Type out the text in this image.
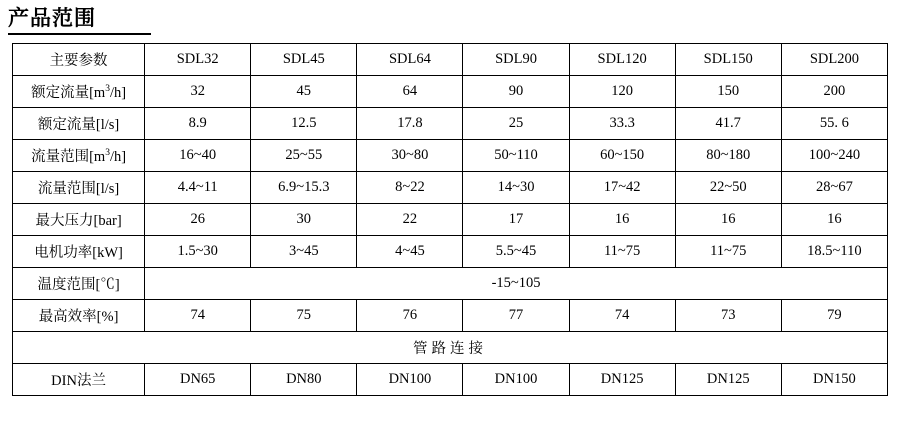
产品范围
主要参数	SDL32	SDL45	SDL64	SDL90	SDL120	SDL150	SDL200
额定流量$[m^3/h]$	32	45	64	90	120	150	200
额定流量[l/s]	8.9	12.5	17.8	25	33.3	41.7	55. 6
流量范围$[m^3/h]$	16~40	25~55	30~80	50~110	60~150	80~180	100~240
流量范围[l/s]	4.4~11	6.9~15.3	8~22	14~30	17~42	22~50	28~67
最大压力[bar]	26	30	22	17	16	16	16
电机功率[kW]	1.5~30	3~45	4~45	5.5~45	11~75	11~75	18.5~110
温度范围[℃]	-15~105						
最高效率[%]	74	75	76	77	74	73	79
管路连接							
DIN法兰	DN65	DN80	DN100	DN100	DN125	DN125	DN150
